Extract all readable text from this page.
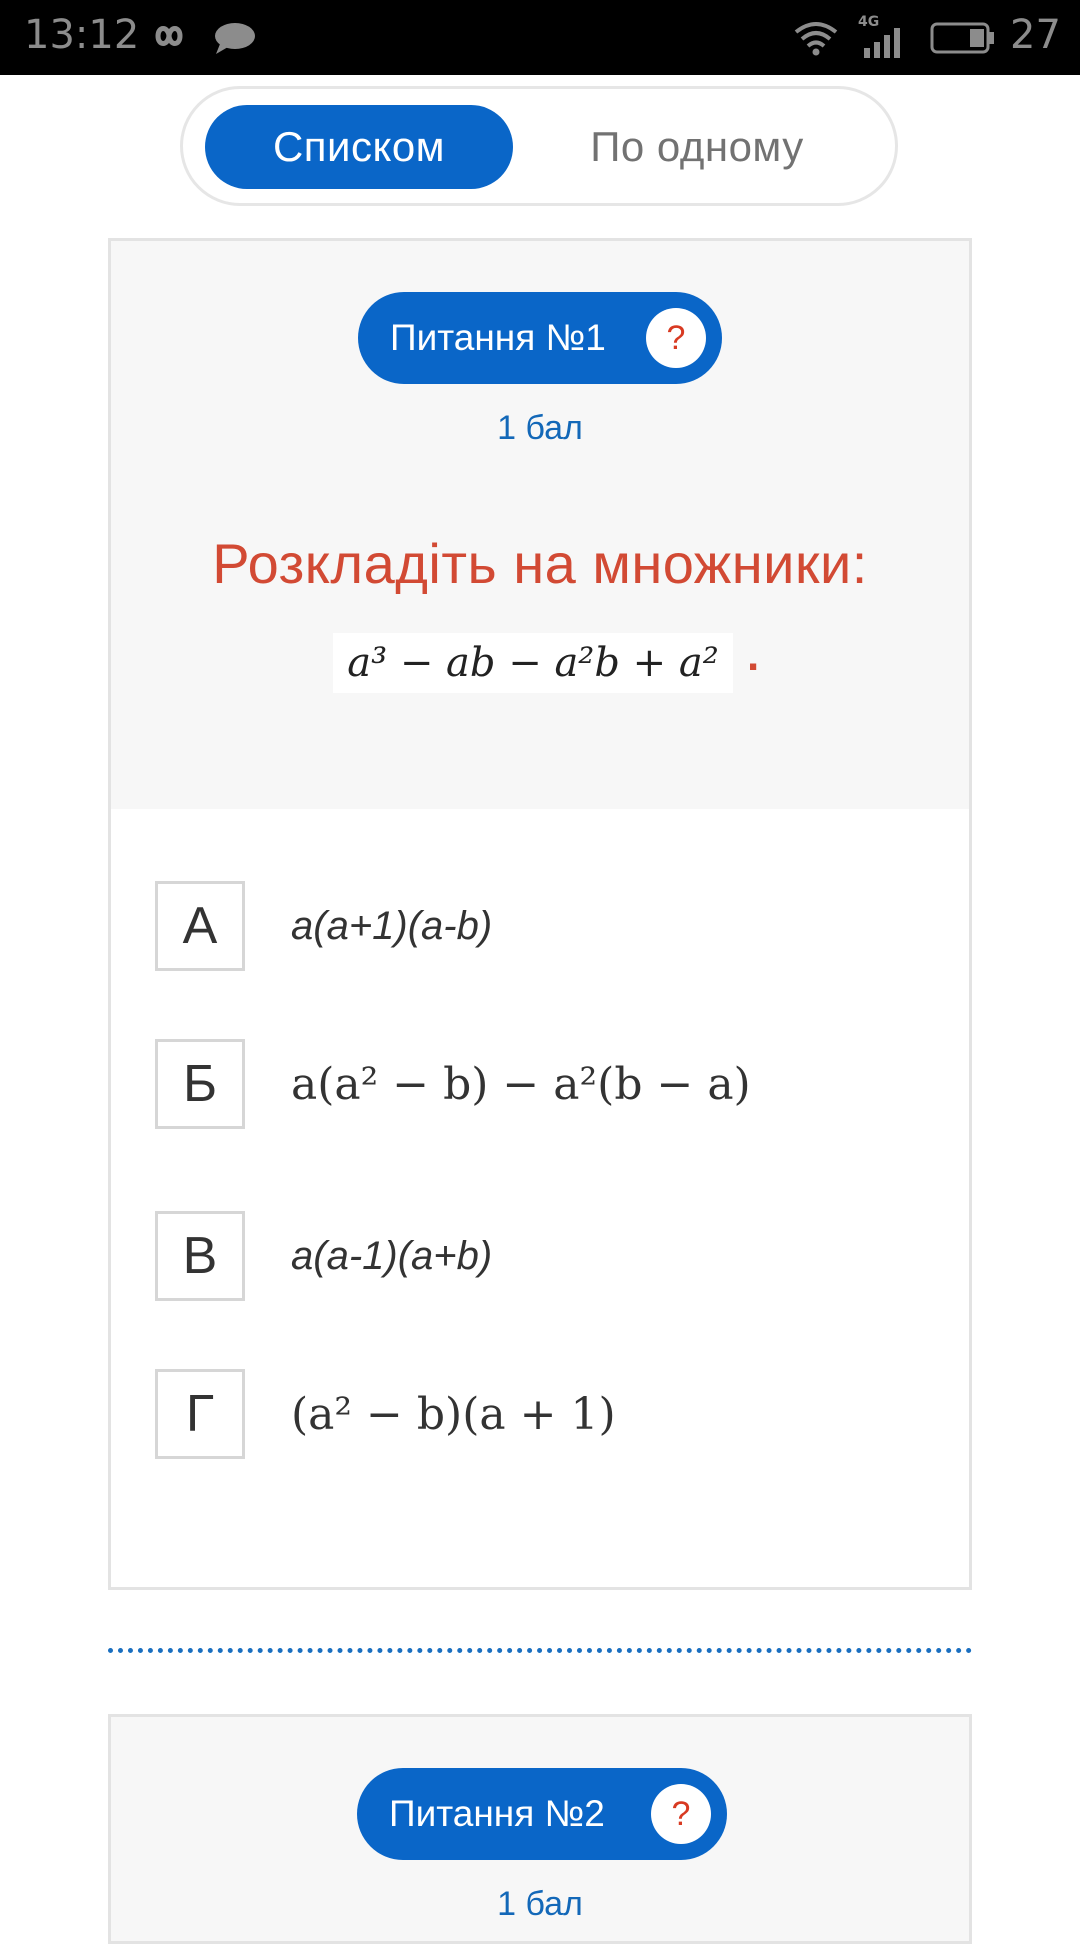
13:12	4G	27
Списком	По одному
Питання №1	?
1 бал
Розкладіть на множники:
a³ − ab − a²b + a² .
А	a(a+1)(a-b)
Б	a(a² − b) − a²(b − a)
В	a(a-1)(a+b)
Г	(a² − b)(a + 1)
Питання №2	?
1 бал
